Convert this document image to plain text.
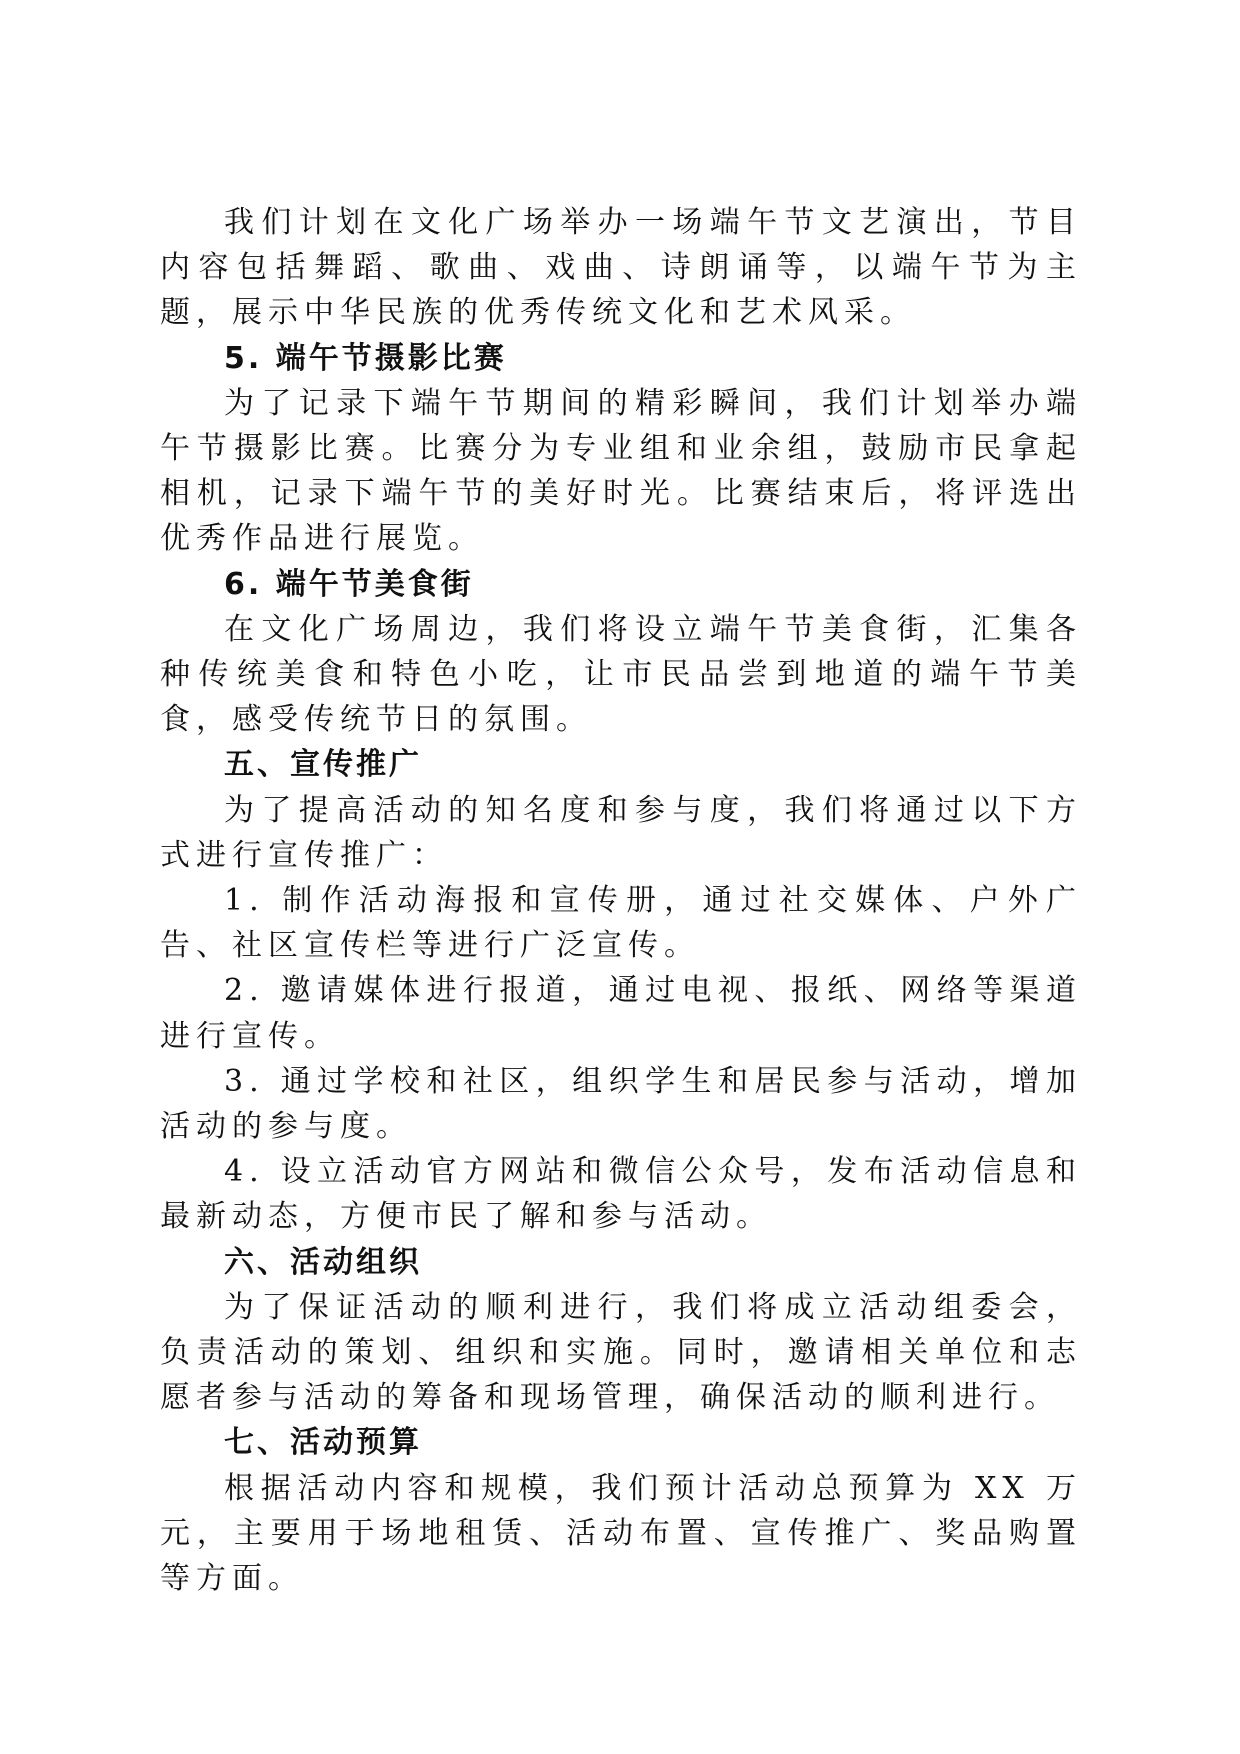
我们计划在文化广场举办一场端午节文艺演出，节目内容包括舞蹈、歌曲、戏曲、诗朗诵等，以端午节为主题，展示中华民族的优秀传统文化和艺术风采。

5. 端午节摄影比赛

为了记录下端午节期间的精彩瞬间，我们计划举办端午节摄影比赛。比赛分为专业组和业余组，鼓励市民拿起相机，记录下端午节的美好时光。比赛结束后，将评选出优秀作品进行展览。

6. 端午节美食街

在文化广场周边，我们将设立端午节美食街，汇集各种传统美食和特色小吃，让市民品尝到地道的端午节美食，感受传统节日的氛围。

五、宣传推广

为了提高活动的知名度和参与度，我们将通过以下方式进行宣传推广：

1. 制作活动海报和宣传册，通过社交媒体、户外广告、社区宣传栏等进行广泛宣传。

2. 邀请媒体进行报道，通过电视、报纸、网络等渠道进行宣传。

3. 通过学校和社区，组织学生和居民参与活动，增加活动的参与度。

4. 设立活动官方网站和微信公众号，发布活动信息和最新动态，方便市民了解和参与活动。

六、活动组织

为了保证活动的顺利进行，我们将成立活动组委会，负责活动的策划、组织和实施。同时，邀请相关单位和志愿者参与活动的筹备和现场管理，确保活动的顺利进行。

七、活动预算

根据活动内容和规模，我们预计活动总预算为 XX 万元，主要用于场地租赁、活动布置、宣传推广、奖品购置等方面。
